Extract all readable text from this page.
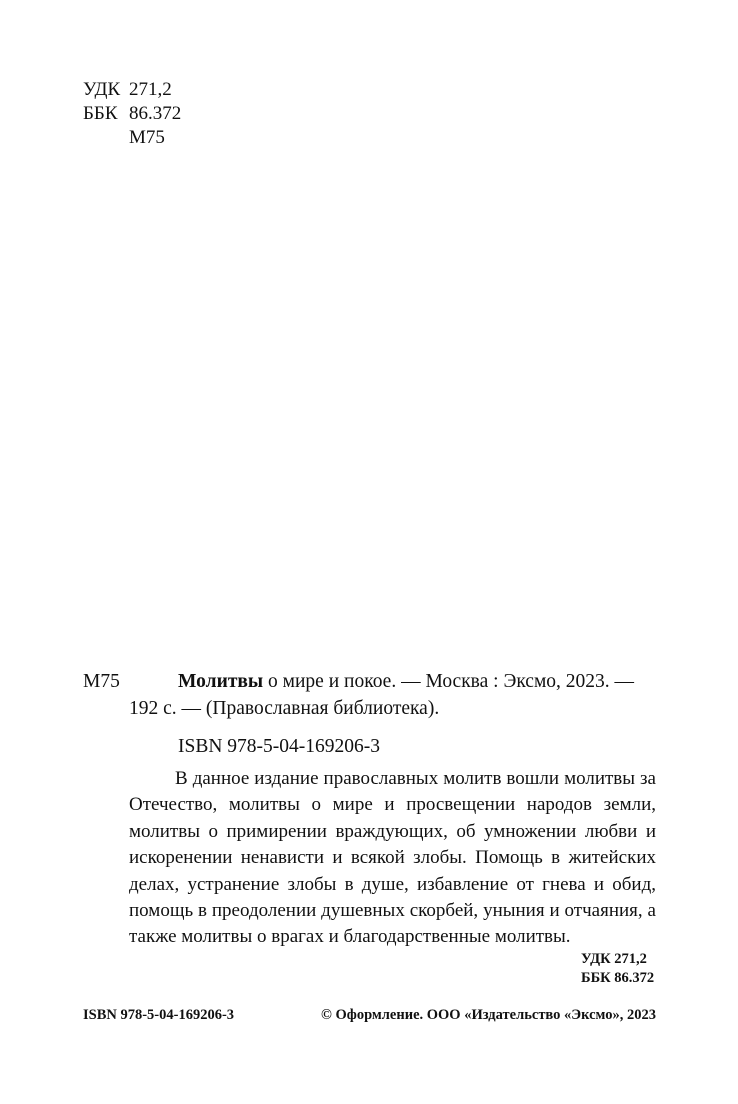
УДК 271,2
ББК 86.372
М75
М75	Молитвы о мире и покое. — Москва : Эксмо, 2023. —
192 с. — (Православная библиотека).
ISBN 978-5-04-169206-3
В данное издание православных молитв вошли молитвы за Отечество, молитвы о мире и просвещении народов земли, молитвы о примирении враждующих, об умножении любви и искоренении ненависти и всякой злобы. Помощь в житейских делах, устранение злобы в душе, избавление от гнева и обид, помощь в преодолении душевных скорбей, уныния и отчаяния, а также молитвы о врагах и благодарственные молитвы.
УДК 271,2
ББК 86.372
ISBN 978-5-04-169206-3	© Оформление. ООО «Издательство «Эксмо», 2023
